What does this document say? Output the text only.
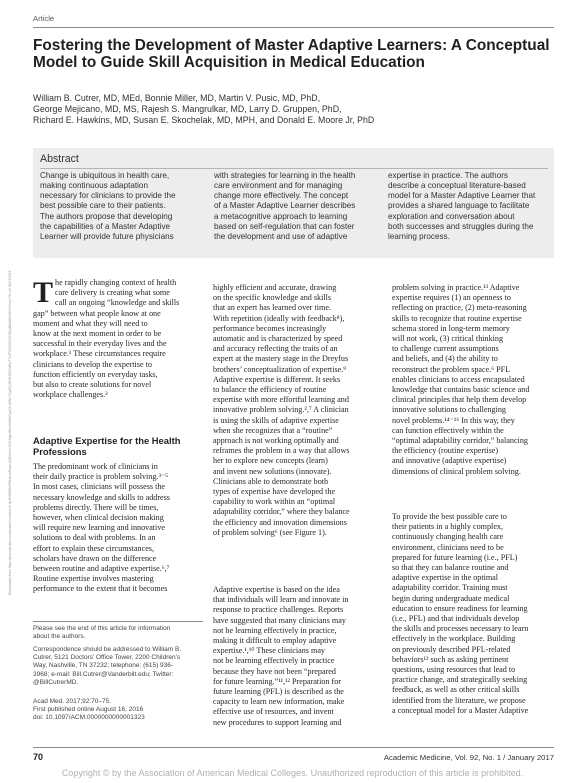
Article
Fostering the Development of Master Adaptive Learners: A Conceptual Model to Guide Skill Acquisition in Medical Education
William B. Cutrer, MD, MEd, Bonnie Miller, MD, Martin V. Pusic, MD, PhD,
George Mejicano, MD, MS, Rajesh S. Mangrulkar, MD, Larry D. Gruppen, PhD,
Richard E. Hawkins, MD, Susan E. Skochelak, MD, MPH, and Donald E. Moore Jr, PhD
Downloaded from https://journals.lww.com/academicmedicine by BhDMf5ePHKav1zEoum1tQfN4a+kJLhEZgbsIHo4XMi0hCywCX1AWnYQp/IlQrHD3i3D0OdRyi7TvSFl4Cf3VC4/OAVpDDa8KKGKV0Ymy+78= on 08/13/2018
Abstract

Change is ubiquitous in health care,
making continuous adaptation
necessary for clinicians to provide the
best possible care to their patients.
The authors propose that developing
the capabilities of a Master Adaptive
Learner will provide future physicians

with strategies for learning in the health
care environment and for managing
change more effectively. The concept
of a Master Adaptive Learner describes
a metacognitive approach to learning
based on self-regulation that can foster
the development and use of adaptive

expertise in practice. The authors
describe a conceptual literature-based
model for a Master Adaptive Learner that
provides a shared language to facilitate
exploration and conversation about
both successes and struggles during the
learning process.

T he rapidly changing context of health
care delivery is creating what some
call an ongoing “knowledge and skills
gap” between what people know at one
moment and what they will need to
know at the next moment in order to be
successful in their everyday lives and the
workplace.¹ These circumstances require
clinicians to develop the expertise to
function efficiently on everyday tasks,
but also to create solutions for novel
workplace challenges.²
Adaptive Expertise for the Health Professions
The predominant work of clinicians in
their daily practice is problem solving.³⁻⁵
In most cases, clinicians will possess the
necessary knowledge and skills to address
problems directly. There will be times,
however, when clinical decision making
will require new learning and innovative
solutions to deal with problems. In an
effort to explain these circumstances,
scholars have drawn on the difference
between routine and adaptive expertise.⁶,⁷
Routine expertise involves mastering
performance to the extent that it becomes
Please see the end of this article for information
about the authors.
Correspondence should be addressed to William B.
Cutrer, 5121 Doctors’ Office Tower, 2200 Children’s
Way, Nashville, TN 37232; telephone: (615) 936-
3968; e-mail: Bill.Cutrer@Vanderbilt.edu; Twitter:
@BillCutrerMD.
Acad Med. 2017;92:70–75.
First published online August 16, 2016
doi: 10.1097/ACM.0000000000001323
highly efficient and accurate, drawing
on the specific knowledge and skills
that an expert has learned over time.
With repetition (ideally with feedback⁸),
performance becomes increasingly
automatic and is characterized by speed
and accuracy reflecting the traits of an
expert at the mastery stage in the Dreyfus
brothers’ conceptualization of expertise.⁹
Adaptive expertise is different. It seeks
to balance the efficiency of routine
expertise with more effortful learning and
innovative problem solving.²,⁷ A clinician
is using the skills of adaptive expertise
when she recognizes that a “routine”
approach is not working optimally and
reframes the problem in a way that allows
her to explore new concepts (learn)
and invent new solutions (innovate).
Clinicians able to demonstrate both
types of expertise have developed the
capability to work within an “optimal
adaptability corridor,” where they balance
the efficiency and innovation dimensions
of problem solving⁶ (see Figure 1).
Adaptive expertise is based on the idea
that individuals will learn and innovate in
response to practice challenges. Reports
have suggested that many clinicians may
not be learning effectively in practice,
making it difficult to employ adaptive
expertise.¹,¹⁰ These clinicians may
not be learning effectively in practice
because they have not been “prepared
for future learning.”¹¹,¹² Preparation for
future learning (PFL) is described as the
capacity to learn new information, make
effective use of resources, and invent
new procedures to support learning and
problem solving in practice.¹³ Adaptive
expertise requires (1) an openness to
reflecting on practice, (2) meta-reasoning
skills to recognize that routine expertise
schema stored in long-term memory
will not work, (3) critical thinking
to challenge current assumptions
and beliefs, and (4) the ability to
reconstruct the problem space.⁶ PFL
enables clinicians to access encapsulated
knowledge that contains basic science and
clinical principles that help them develop
innovative solutions to challenging
novel problems.¹⁴⁻¹⁶ In this way, they
can function effectively within the
“optimal adaptability corridor,” balancing
the efficiency (routine expertise)
and innovative (adaptive expertise)
dimensions of clinical problem solving.
To provide the best possible care to
their patients in a highly complex,
continuously changing health care
environment, clinicians need to be
prepared for future learning (i.e., PFL)
so that they can balance routine and
adaptive expertise in the optimal
adaptability corridor. Training must
begin during undergraduate medical
education to ensure readiness for learning
(i.e., PFL) and that individuals develop
the skills and processes necessary to learn
effectively in the workplace. Building
on previously described PFL-related
behaviors¹² such as asking pertinent
questions, using resources that lead to
practice change, and strategically seeking
feedback, as well as other critical skills
identified from the literature, we propose
a conceptual model for a Master Adaptive
70	Academic Medicine, Vol. 92, No. 1 / January 2017
Copyright © by the Association of American Medical Colleges. Unauthorized reproduction of this article is prohibited.
